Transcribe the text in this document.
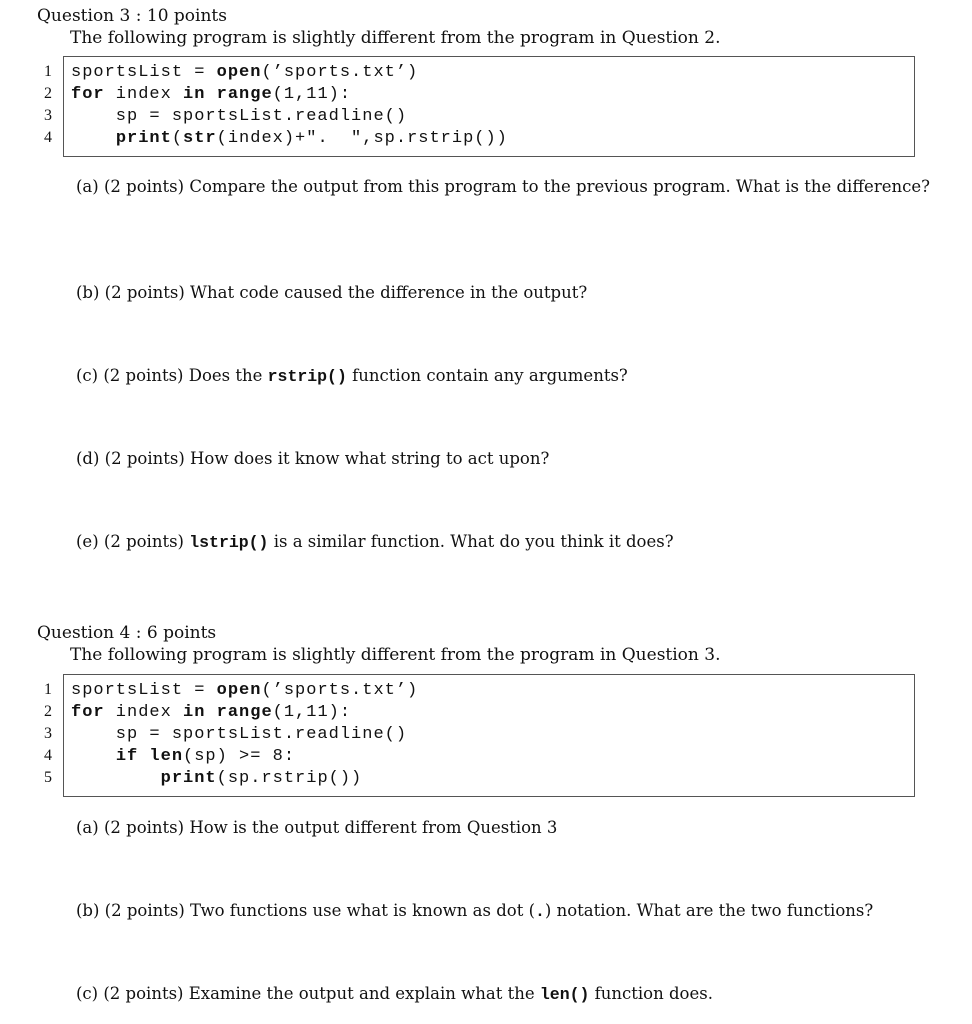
Question 3 : 10 points
The following program is slightly different from the program in Question 2.
1
2
3
4
sportsList = open(’sports.txt’)
for index in range(1,11):
sp = sportsList.readline()
print(str(index)+".  ",sp.rstrip())
(a) (2 points) Compare the output from this program to the previous program. What is the difference?
(b) (2 points) What code caused the difference in the output?
(c) (2 points) Does the rstrip() function contain any arguments?
(d) (2 points) How does it know what string to act upon?
(e) (2 points) lstrip() is a similar function. What do you think it does?
Question 4 : 6 points
The following program is slightly different from the program in Question 3.
1
2
3
4
5
sportsList = open(’sports.txt’)
for index in range(1,11):
sp = sportsList.readline()
if len(sp) >= 8:
print(sp.rstrip())
(a) (2 points) How is the output different from Question 3
(b) (2 points) Two functions use what is known as dot (.) notation. What are the two functions?
(c) (2 points) Examine the output and explain what the len() function does.
